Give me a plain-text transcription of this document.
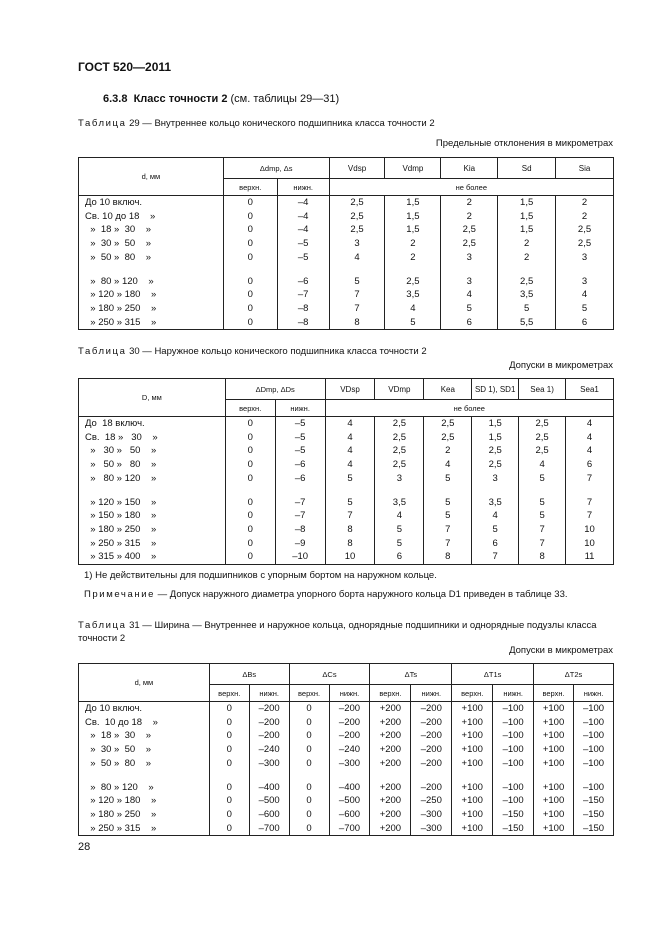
ГОСТ 520—2011
6.3.8 Класс точности 2 (см. таблицы 29—31)
Таблица 29 — Внутреннее кольцо конического подшипника класса точности 2
Предельные отклонения в микрометрах
d, мм	Δdmp, Δs		Vdsp	Vdmp	Kia	Sd	Sia
	верхн.	нижн.	не более				
До 10 включ.	0	–4	2,5	1,5	2	1,5	2
Св. 10 до 18    »	0	–4	2,5	1,5	2	1,5	2
»  18 »  30    »	0	–4	2,5	1,5	2,5	1,5	2,5
»  30 »  50    »	0	–5	3	2	2,5	2	2,5
»  50 »  80    »	0	–5	4	2	3	2	3

»  80 » 120    »	0	–6	5	2,5	3	2,5	3
» 120 » 180    »	0	–7	7	3,5	4	3,5	4
» 180 » 250    »	0	–8	7	4	5	5	5
» 250 » 315    »	0	–8	8	5	6	5,5	6
Таблица 30 — Наружное кольцо конического подшипника класса точности 2
Допуски в микрометрах
D, мм	ΔDmp, ΔDs		VDsp	VDmp	Kea	SD 1), SD1	Sea 1)	Sea1
	верхн.	нижн.	не более					
До  18 включ.	0	–5	4	2,5	2,5	1,5	2,5	4
Св.  18 »   30    »	0	–5	4	2,5	2,5	1,5	2,5	4
»   30 »   50    »	0	–5	4	2,5	2	2,5	2,5	4
»   50 »   80    »	0	–6	4	2,5	4	2,5	4	6
»   80 » 120    »	0	–6	5	3	5	3	5	7

» 120 » 150    »	0	–7	5	3,5	5	3,5	5	7
» 150 » 180    »	0	–7	7	4	5	4	5	7
» 180 » 250    »	0	–8	8	5	7	5	7	10
» 250 » 315    »	0	–9	8	5	7	6	7	10
» 315 » 400    »	0	–10	10	6	8	7	8	11
1) Не действительны для подшипников с упорным бортом на наружном кольце.
Примечание — Допуск наружного диаметра упорного борта наружного кольца D1 приведен в таблице 33.
Таблица 31 — Ширина — Внутреннее и наружное кольца, однорядные подшипники и однорядные подузлы класса точности 2
Допуски в микрометрах
d, мм	ΔBs		ΔCs		ΔTs		ΔT1s		ΔT2s	
	верхн.	нижн.	верхн.	нижн.	верхн.	нижн.	верхн.	нижн.	верхн.	нижн.
До 10 включ.	0	–200	0	–200	+200	–200	+100	–100	+100	–100
Св.  10 до 18    »	0	–200	0	–200	+200	–200	+100	–100	+100	–100
»  18 »  30    »	0	–200	0	–200	+200	–200	+100	–100	+100	–100
»  30 »  50    »	0	–240	0	–240	+200	–200	+100	–100	+100	–100
»  50 »  80    »	0	–300	0	–300	+200	–200	+100	–100	+100	–100

»  80 » 120    »	0	–400	0	–400	+200	–200	+100	–100	+100	–100
» 120 » 180    »	0	–500	0	–500	+200	–250	+100	–100	+100	–150
» 180 » 250    »	0	–600	0	–600	+200	–300	+100	–150	+100	–150
» 250 » 315    »	0	–700	0	–700	+200	–300	+100	–150	+100	–150
28
